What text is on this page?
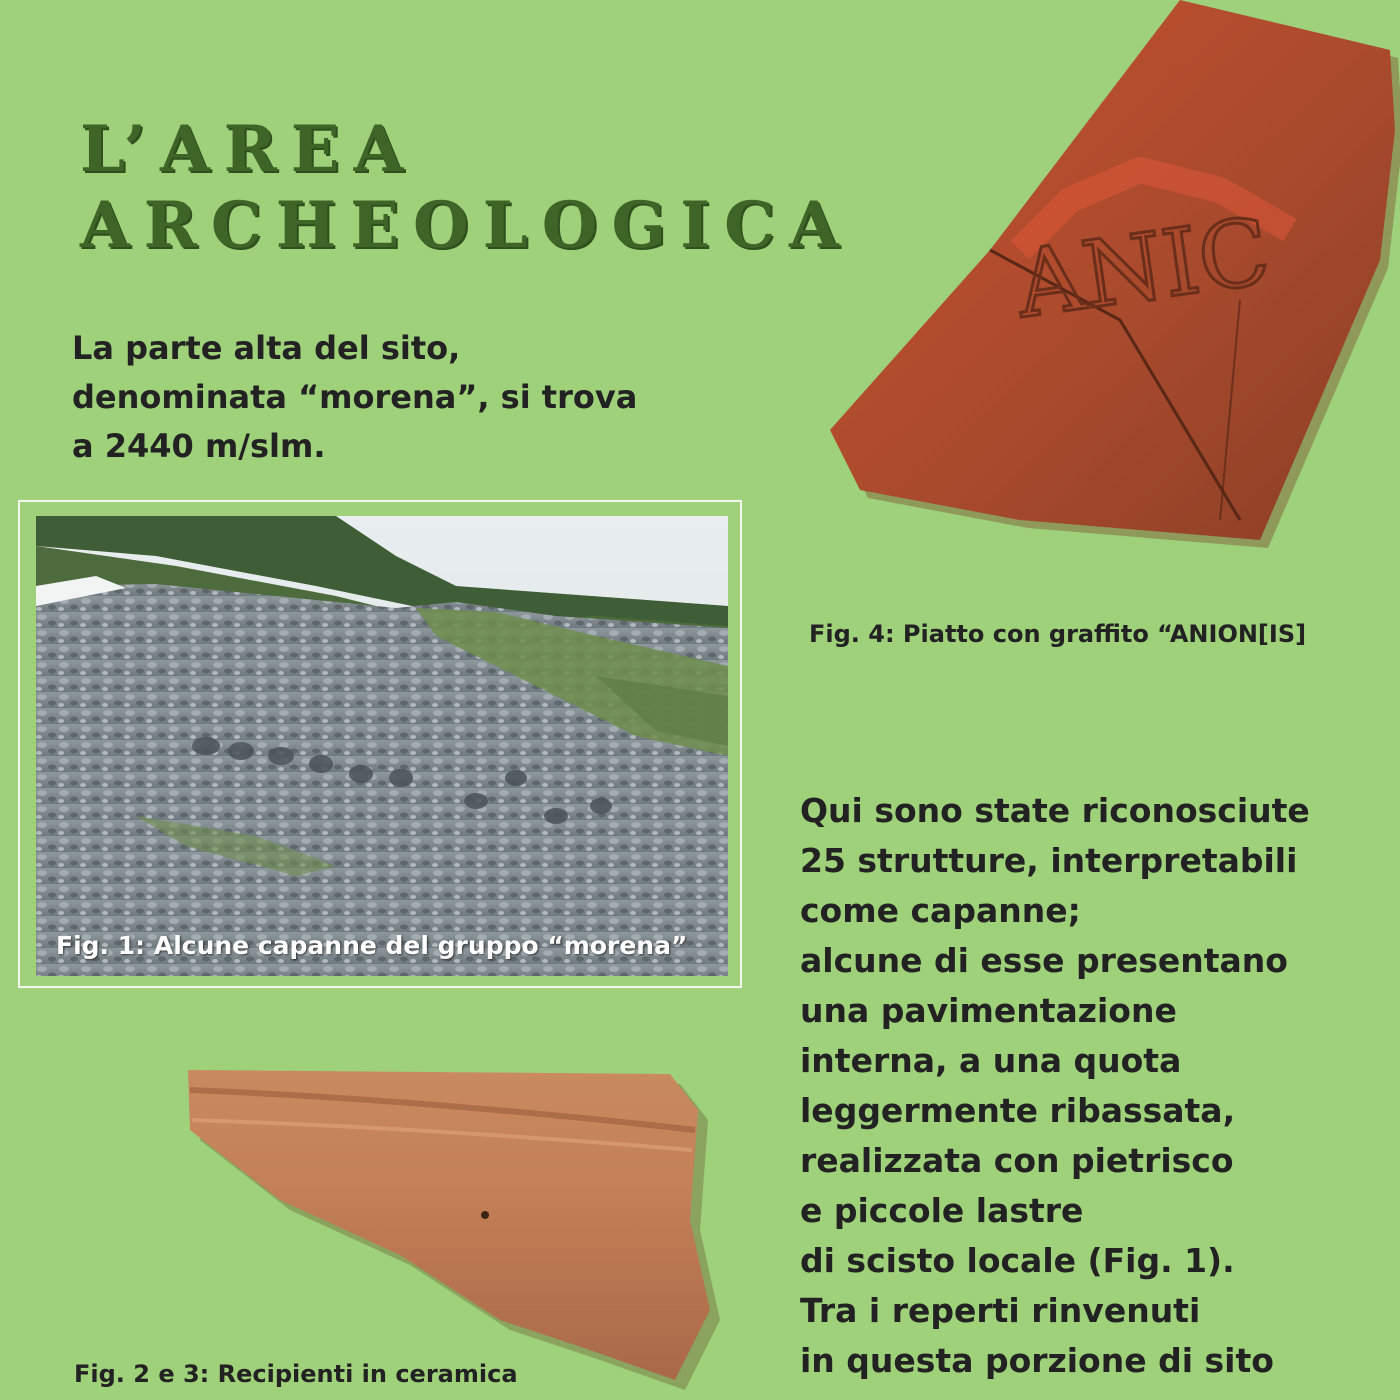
L’AREA
ARCHEOLOGICA

La parte alta del sito,
denominata “morena”, si trova
a 2440 m/slm.

Fig. 1: Alcune capanne del gruppo “morena”

ANIC

Fig. 4: Piatto con graffito “ANION[IS]

Qui sono state riconosciute
25 strutture, interpretabili
come capanne;
alcune di esse presentano
una pavimentazione
interna, a una quota
leggermente ribassata,
realizzata con pietrisco
e piccole lastre
di scisto locale (Fig. 1).
Tra i reperti rinvenuti
in questa porzione di sito

Fig. 2 e 3: Recipienti in ceramica
